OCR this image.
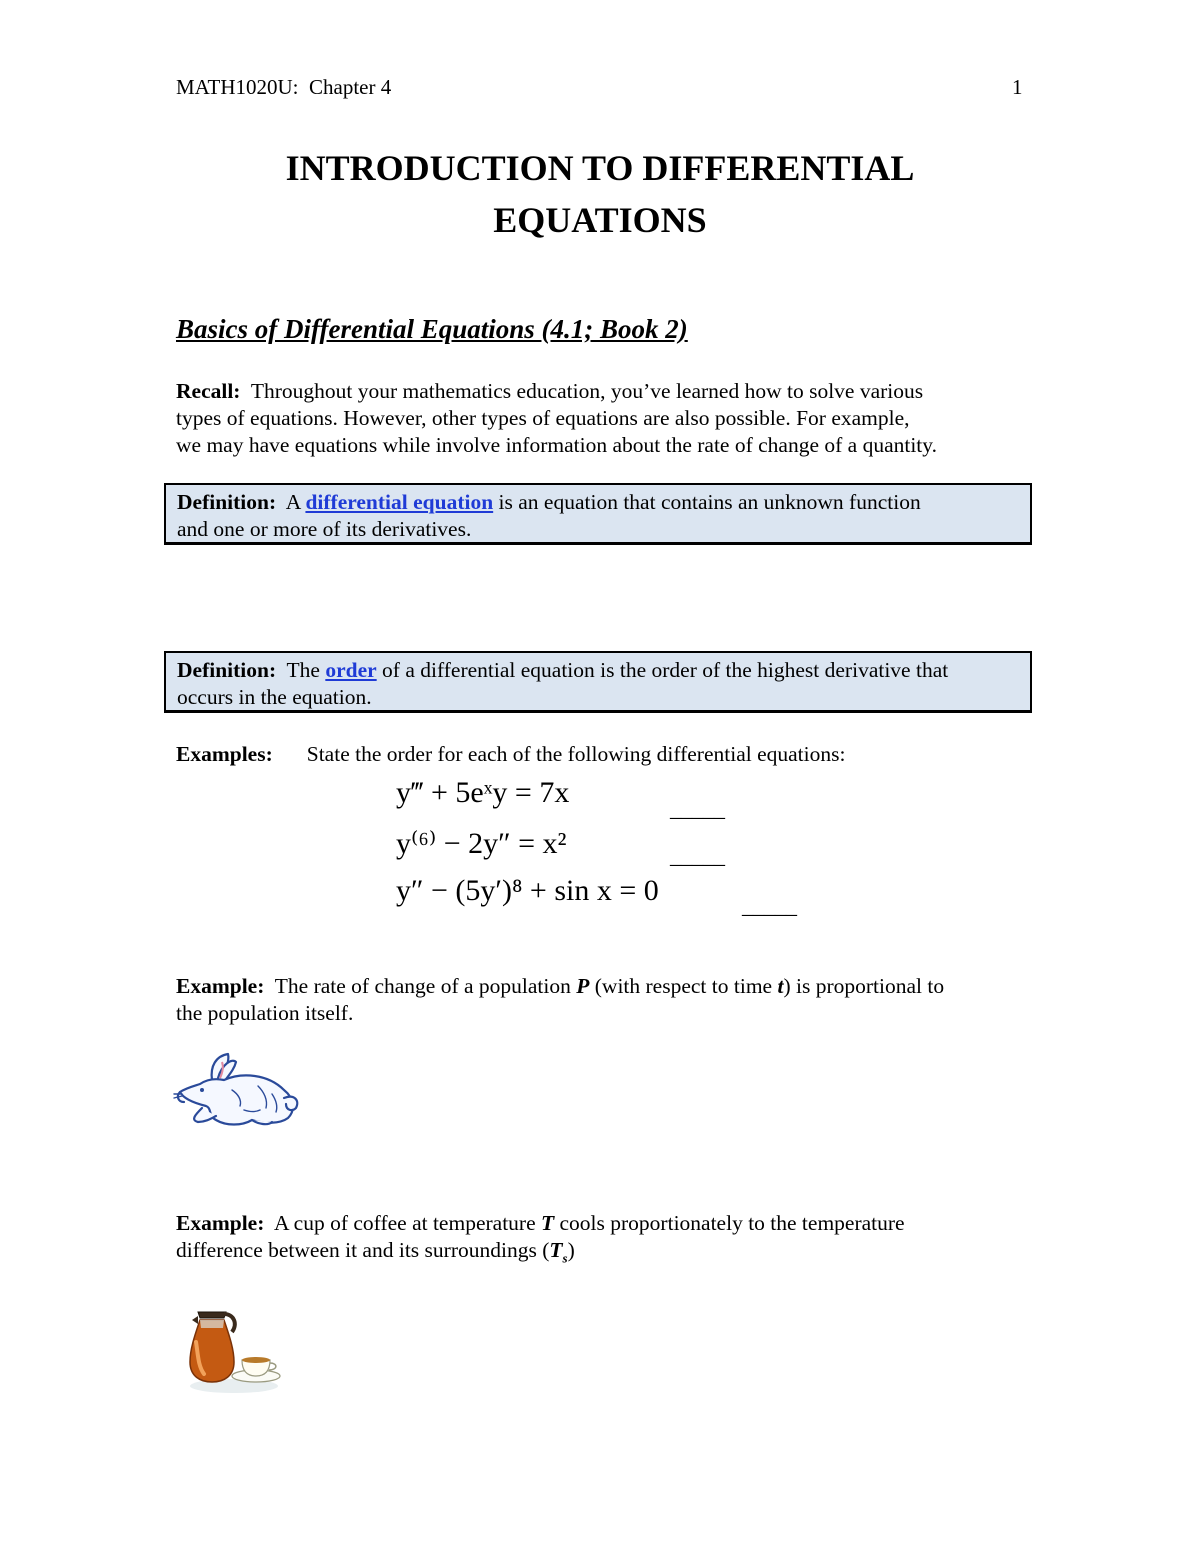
MATH1020U: Chapter 4	1
INTRODUCTION TO DIFFERENTIAL
EQUATIONS
Basics of Differential Equations (4.1; Book 2)
Recall: Throughout your mathematics education, you’ve learned how to solve various
types of equations. However, other types of equations are also possible. For example,
we may have equations while involve information about the rate of change of a quantity.
Definition: A differential equation is an equation that contains an unknown function
and one or more of its derivatives.
Definition: The order of a differential equation is the order of the highest derivative that
occurs in the equation.
Examples: State the order for each of the following differential equations:
y‴ + 5eˣy = 7x	_____
y⁽⁶⁾ − 2y″ = x²	_____
y″ − (5y′)⁸ + sin x = 0	_____
Example: The rate of change of a population P (with respect to time t) is proportional to
the population itself.
Example: A cup of coffee at temperature T cools proportionately to the temperature
difference between it and its surroundings $(T_s)$
